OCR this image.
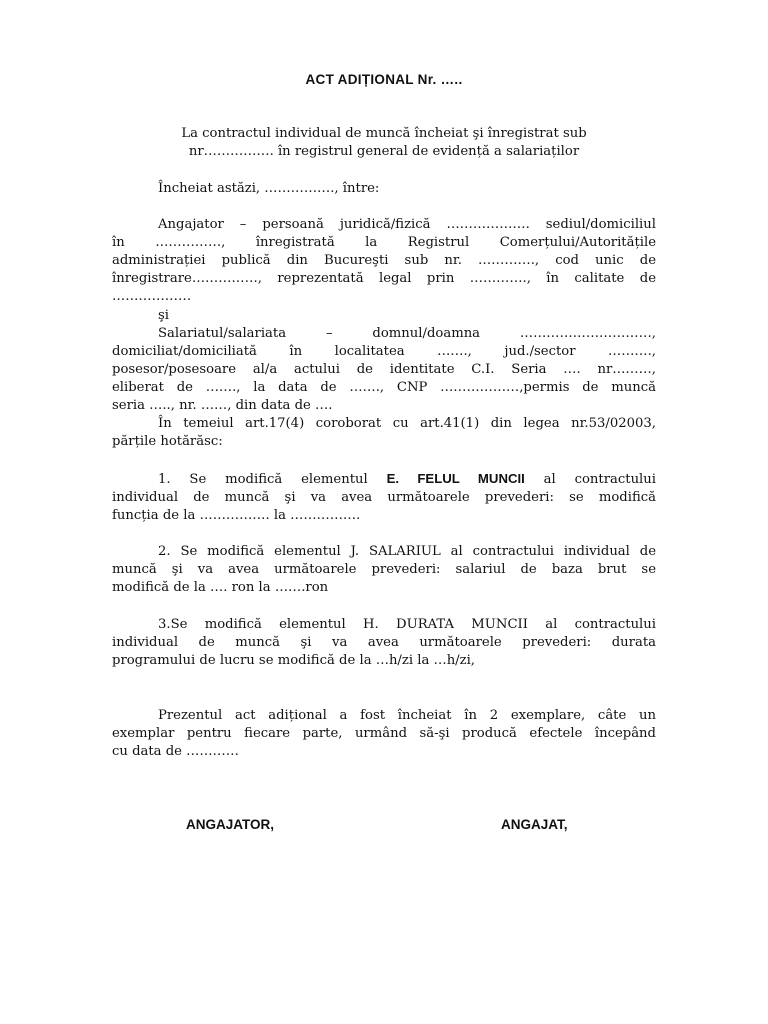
ACT ADIȚIONAL Nr. …..
La contractul individual de muncă încheiat şi înregistrat sub
nr……………. în registrul general de evidență a salariaților
Încheiat astăzi, ……………., între:
Angajator – persoană juridică/fizică ………………. sediul/domiciliul
în ……………, înregistrată la Registrul Comerțului/Autoritățile
administrației publică din Bucureşti sub nr. …………., cod unic de
înregistrare……………, reprezentată legal prin …………., în calitate de
………………
şi
Salariatul/salariata – domnul/doamna …………………………,
domiciliat/domiciliată în localitatea ……., jud./sector ……….,
posesor/posesoare al/a actului de identitate C.I. Seria …. nr………,
eliberat de ……., la data de ……., CNP ………………,permis de muncă
seria ….., nr. ……, din data de ….
În temeiul art.17(4) coroborat cu art.41(1) din legea nr.53/02003,
părțile hotărăsc:
1. Se modifică elementul E. FELUL MUNCII al contractului
individual de muncă şi va avea următoarele prevederi: se modifică
funcția de la ……………. la …………….
2. Se modifică elementul J. SALARIUL al contractului individual de
muncă şi va avea următoarele prevederi: salariul de baza brut se
modifică de la …. ron la …….ron
3.Se modifică elementul H. DURATA MUNCII al contractului
individual de muncă şi va avea următoarele prevederi: durata
programului de lucru se modifică de la …h/zi la …h/zi,
Prezentul act adițional a fost încheiat în 2 exemplare, câte un
exemplar pentru fiecare parte, urmând să-şi producă efectele începând
cu data de …………
ANGAJATOR,	ANGAJAT,
